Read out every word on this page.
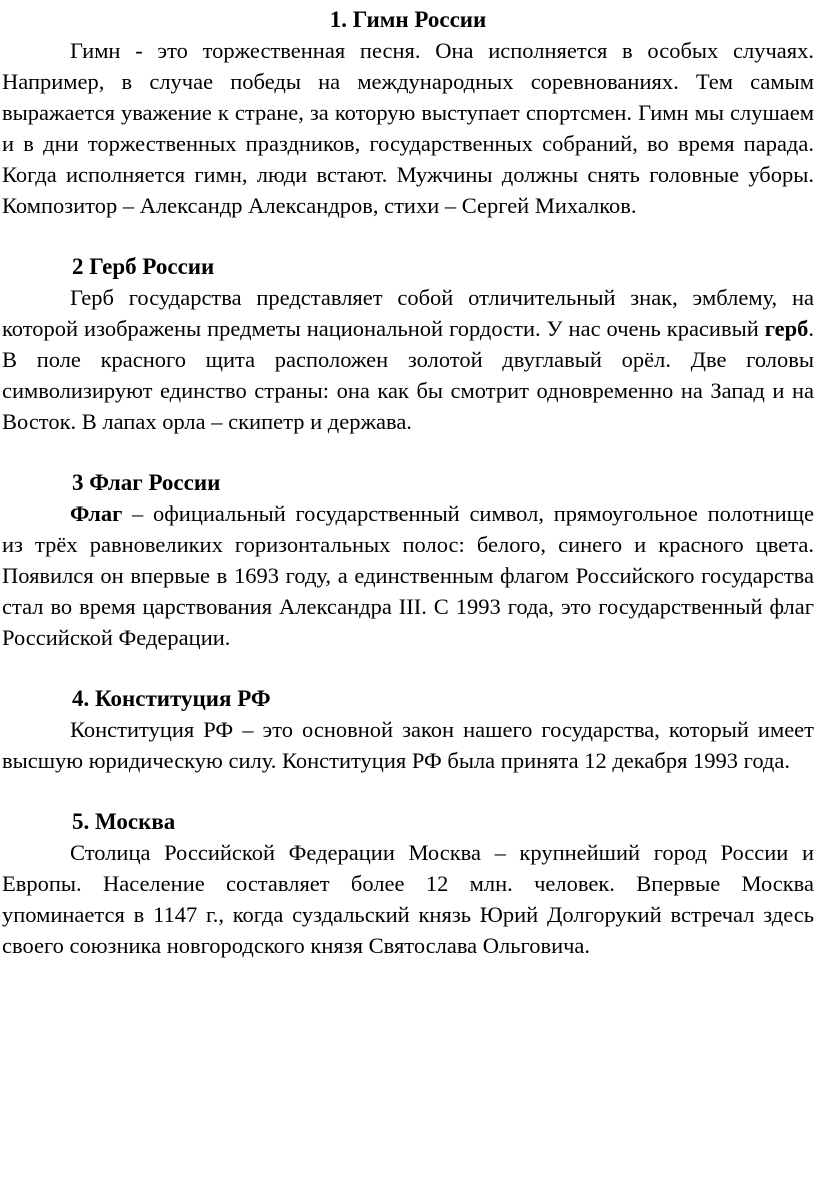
1. Гимн России

Гимн - это торжественная песня. Она исполняется в особых случаях. Например, в случае победы на международных соревнованиях. Тем самым выражается уважение к стране, за которую выступает спортсмен. Гимн мы слушаем и в дни торжественных праздников, государственных собраний, во время парада. Когда исполняется гимн, люди встают. Мужчины должны снять головные уборы. Композитор – Александр Александров, стихи – Сергей Михалков.

2 Герб России

Герб государства представляет собой отличительный знак, эмблему, на которой изображены предметы национальной гордости. У нас очень красивый герб. В поле красного щита расположен золотой двуглавый орёл. Две головы символизируют единство страны: она как бы смотрит одновременно на Запад и на Восток. В лапах орла – скипетр и держава.

3 Флаг России

Флаг – официальный государственный символ, прямоугольное полотнище из трёх равновеликих горизонтальных полос: белого, синего и красного цвета. Появился он впервые в 1693 году, а единственным флагом Российского государства стал во время царствования Александра III. С 1993 года, это государственный флаг Российской Федерации.

4. Конституция РФ

Конституция РФ – это основной закон нашего государства, который имеет высшую юридическую силу. Конституция РФ была принята 12 декабря 1993 года.

5. Москва

Столица Российской Федерации Москва – крупнейший город России и Европы. Население составляет более 12 млн. человек. Впервые Москва упоминается в 1147 г., когда суздальский князь Юрий Долгорукий встречал здесь своего союзника новгородского князя Святослава Ольговича.
